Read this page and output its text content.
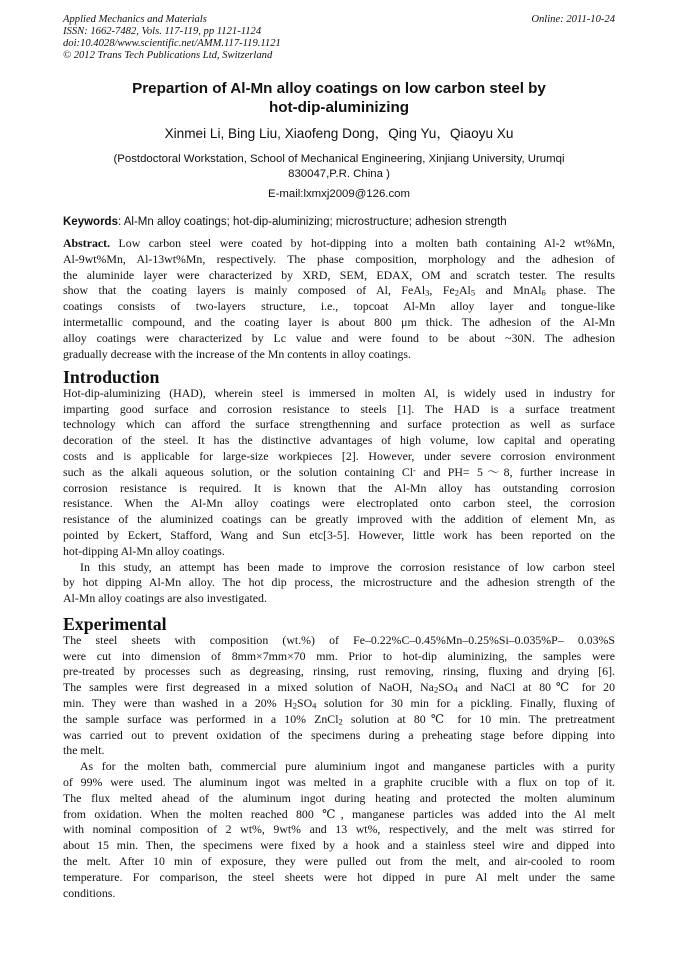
Applied Mechanics and Materials
ISSN: 1662-7482, Vols. 117-119, pp 1121-1124
doi:10.4028/www.scientific.net/AMM.117-119.1121
© 2012 Trans Tech Publications Ltd, Switzerland
Online: 2011-10-24
Prepartion of Al-Mn alloy coatings on low carbon steel by
hot-dip-aluminizing
Xinmei Li, Bing Liu, Xiaofeng Dong，Qing Yu，Qiaoyu Xu
(Postdoctoral Workstation, School of Mechanical Engineering, Xinjiang University, Urumqi
830047,P.R. China )
E-mail:lxmxj2009@126.com
Keywords: Al-Mn alloy coatings; hot-dip-aluminizing; microstructure; adhesion strength

Abstract. Low carbon steel were coated by hot-dipping into a molten bath containing Al-2 wt%Mn,
Al-9wt%Mn, Al-13wt%Mn, respectively. The phase composition, morphology and the adhesion of
the aluminide layer were characterized by XRD, SEM, EDAX, OM and scratch tester. The results
show that the coating layers is mainly composed of Al, FeAl$_3$, $Fe_2Al_5$ and MnAl$_6$ phase. The
coatings consists of two-layers structure, i.e., topcoat Al-Mn alloy layer and tongue-like
intermetallic compound, and the coating layer is about 800 μm thick. The adhesion of the Al-Mn
alloy coatings were characterized by Lc value and were found to be about ~30N. The adhesion
gradually decrease with the increase of the Mn contents in alloy coatings.

Introduction

Hot-dip-aluminizing (HAD), wherein steel is immersed in molten Al, is widely used in industry for
imparting good surface and corrosion resistance to steels [1]. The HAD is a surface treatment
technology which can afford the surface strengthenning and surface protection as well as surface
decoration of the steel. It has the distinctive advantages of high volume, low capital and operating
costs and is applicable for large-size workpieces [2]. However, under severe corrosion environment
such as the alkali aqueous solution, or the solution containing Cl- and PH= 5～8, further increase in
corrosion resistance is required. It is known that the Al-Mn alloy has outstanding corrosion
resistance. When the Al-Mn alloy coatings were electroplated onto carbon steel, the corrosion
resistance of the aluminized coatings can be greatly improved with the addition of element Mn, as
pointed by Eckert, Stafford, Wang and Sun etc[3-5]. However, little work has been reported on the
hot-dipping Al-Mn alloy coatings.

In this study, an attempt has been made to improve the corrosion resistance of low carbon steel
by hot dipping Al-Mn alloy. The hot dip process, the microstructure and the adhesion strength of the
Al-Mn alloy coatings are also investigated.

Experimental

The steel sheets with composition (wt.%) of Fe–0.22%C–0.45%Mn–0.25%Si–0.035%P– 0.03%S
were cut into dimension of 8mm×7mm×70 mm. Prior to hot-dip aluminizing, the samples were
pre-treated by processes such as degreasing, rinsing, rust removing, rinsing, fluxing and drying [6].
The samples were first degreased in a mixed solution of NaOH, $Na_2SO_4$ and NaCl at 80℃ for 20
min. They were than washed in a 20% $H_2SO_4$ solution for 30 min for a pickling. Finally, fluxing of
the sample surface was performed in a 10% ZnCl$_2$ solution at 80℃ for 10 min. The pretreatment
was carried out to prevent oxidation of the specimens during a preheating stage before dipping into
the melt.

As for the molten bath, commercial pure aluminium ingot and manganese particles with a purity
of 99% were used. The aluminum ingot was melted in a graphite crucible with a flux on top of it.
The flux melted ahead of the aluminum ingot during heating and protected the molten aluminum
from oxidation. When the molten reached 800 ℃, manganese particles was added into the Al melt
with nominal composition of 2 wt%, 9wt% and 13 wt%, respectively, and the melt was stirred for
about 15 min. Then, the specimens were fixed by a hook and a stainless steel wire and dipped into
the melt. After 10 min of exposure, they were pulled out from the melt, and air-cooled to room
temperature. For comparison, the steel sheets were hot dipped in pure Al melt under the same
conditions.
